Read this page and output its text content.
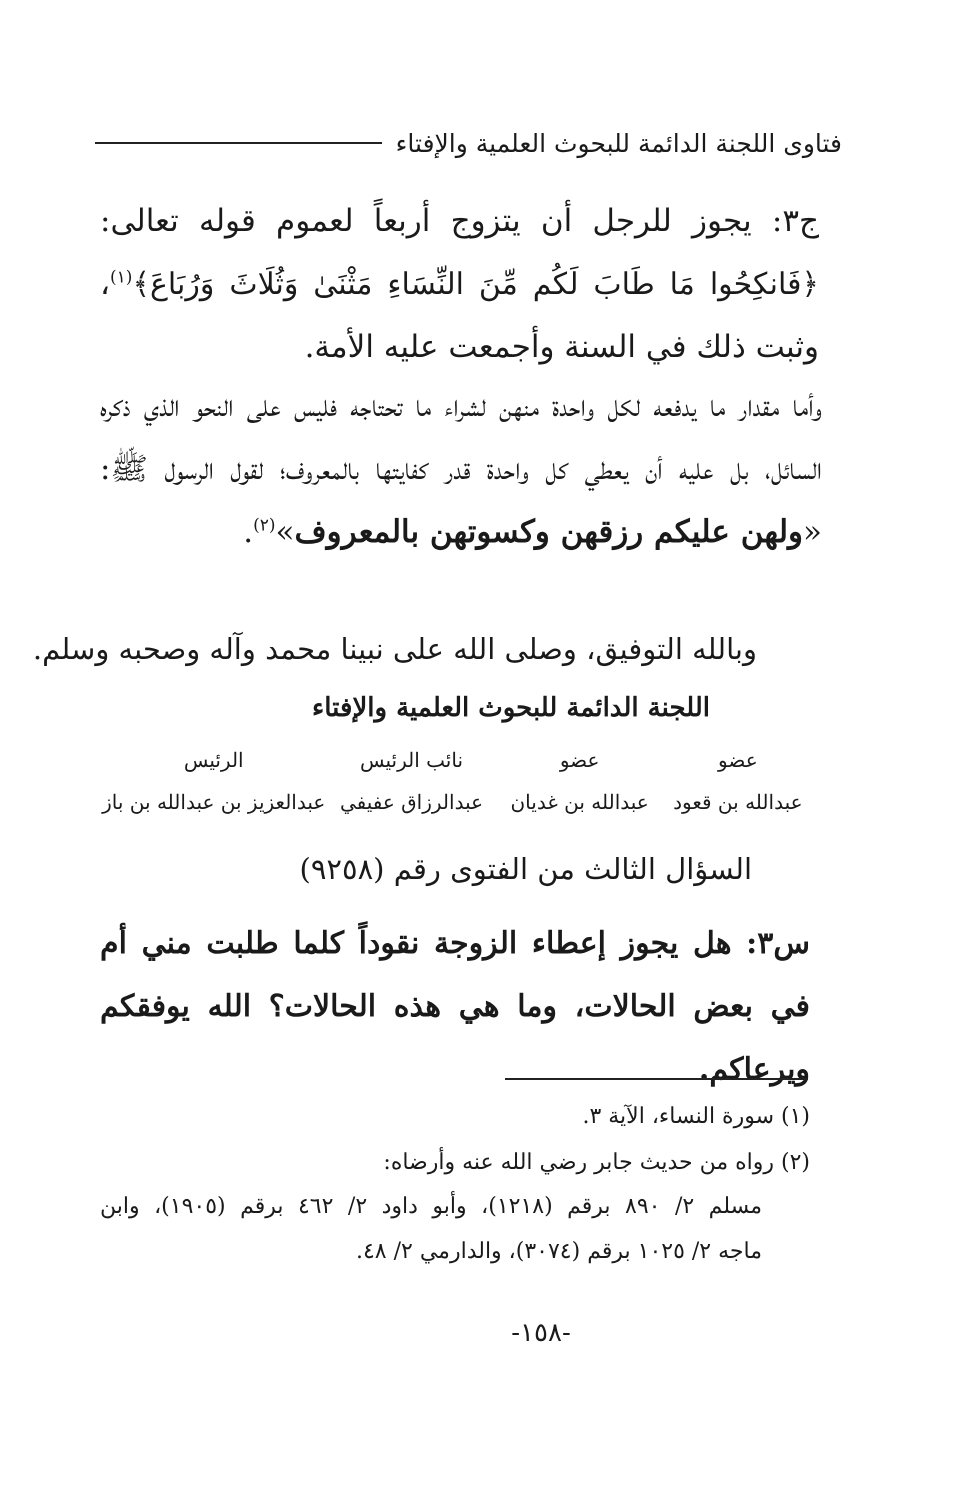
فتاوى اللجنة الدائمة للبحوث العلمية والإفتاء
ج٣: يجوز للرجل أن يتزوج أربعاً لعموم قوله تعالى: ﴿فَانكِحُوا مَا طَابَ لَكُم مِّنَ النِّسَاءِ مَثْنَىٰ وَثُلَاثَ وَرُبَاعَ﴾$^{(١)}$، وثبت ذلك في السنة وأجمعت عليه الأمة.
وأما مقدار ما يدفعه لكل واحدة منهن لشراء ما تحتاجه فليس على النحو الذي ذكره السائل، بل عليه أن يعطي كل واحدة قدر كفايتها بالمعروف؛ لقول الرسول ﷺ: «ولهن عليكم رزقهن وكسوتهن بالمعروف»$^{(٢)}$.
وبالله التوفيق، وصلى الله على نبينا محمد وآله وصحبه وسلم.
اللجنة الدائمة للبحوث العلمية والإفتاء
عضو
عضو
نائب الرئيس
الرئيس
عبدالله بن قعود
عبدالله بن غديان
عبدالرزاق عفيفي
عبدالعزيز بن عبدالله بن باز
السؤال الثالث من الفتوى رقم (٩٢٥٨)
س٣: هل يجوز إعطاء الزوجة نقوداً كلما طلبت مني أم في بعض الحالات، وما هي هذه الحالات؟ الله يوفقكم ويرعاكم.
(١) سورة النساء، الآية ٣.
(٢) رواه من حديث جابر رضي الله عنه وأرضاه:
مسلم ٢/ ٨٩٠ برقم (١٢١٨)، وأبو داود ٢/ ٤٦٢ برقم (١٩٠٥)، وابن
ماجه ٢/ ١٠٢٥ برقم (٣٠٧٤)، والدارمي ٢/ ٤٨.
-١٥٨-
